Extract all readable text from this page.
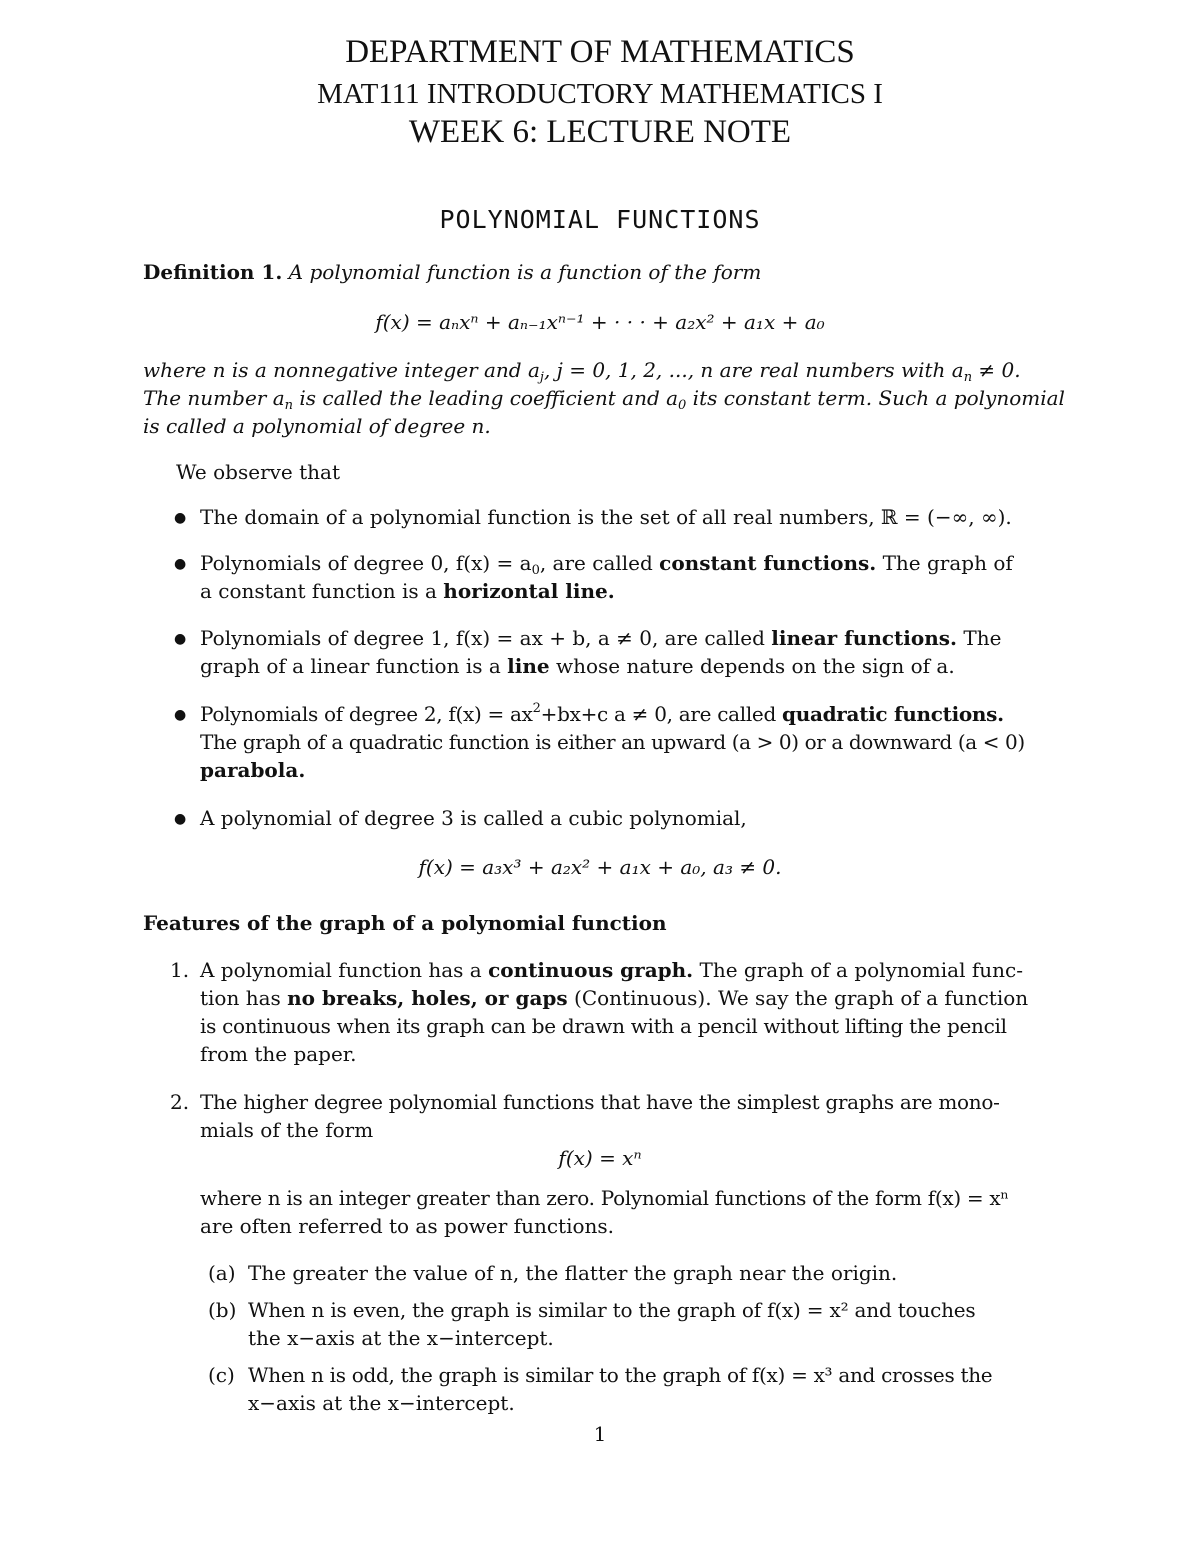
DEPARTMENT OF MATHEMATICS
MAT111 INTRODUCTORY MATHEMATICS I
WEEK 6: LECTURE NOTE
POLYNOMIAL FUNCTIONS
Definition 1. A polynomial function is a function of the form
f(x) = aₙxⁿ + aₙ₋₁xⁿ⁻¹ + · · · + a₂x² + a₁x + a₀
where n is a nonnegative integer and $a_j$, j = 0, 1, 2, ..., n are real numbers with $a_n \ne 0$.
The number $a_n$ is called the leading coefficient and $a_0$ its constant term. Such a polynomial
is called a polynomial of degree n.
We observe that
● The domain of a polynomial function is the set of all real numbers, ℝ = (−∞, ∞).
● Polynomials of degree 0, $f(x) = a_0$, are called constant functions. The graph of
a constant function is a horizontal line.
● Polynomials of degree 1, f(x) = ax + b, a ≠ 0, are called linear functions. The
graph of a linear function is a line whose nature depends on the sign of a.
● Polynomials of degree 2, $f(x) = ax^2+bx+c$ a ≠ 0, are called quadratic functions.
The graph of a quadratic function is either an upward (a > 0) or a downward (a < 0)
parabola.
● A polynomial of degree 3 is called a cubic polynomial,
f(x) = a₃x³ + a₂x² + a₁x + a₀, a₃ ≠ 0.
Features of the graph of a polynomial function
1. A polynomial function has a continuous graph. The graph of a polynomial func-
tion has no breaks, holes, or gaps (Continuous). We say the graph of a function
is continuous when its graph can be drawn with a pencil without lifting the pencil
from the paper.
2. The higher degree polynomial functions that have the simplest graphs are mono-
mials of the form
f(x) = xⁿ
where n is an integer greater than zero. Polynomial functions of the form f(x) = xⁿ
are often referred to as power functions.
(a) The greater the value of n, the flatter the graph near the origin.
(b) When n is even, the graph is similar to the graph of f(x) = x² and touches
the x−axis at the x−intercept.
(c) When n is odd, the graph is similar to the graph of f(x) = x³ and crosses the
x−axis at the x−intercept.
1
